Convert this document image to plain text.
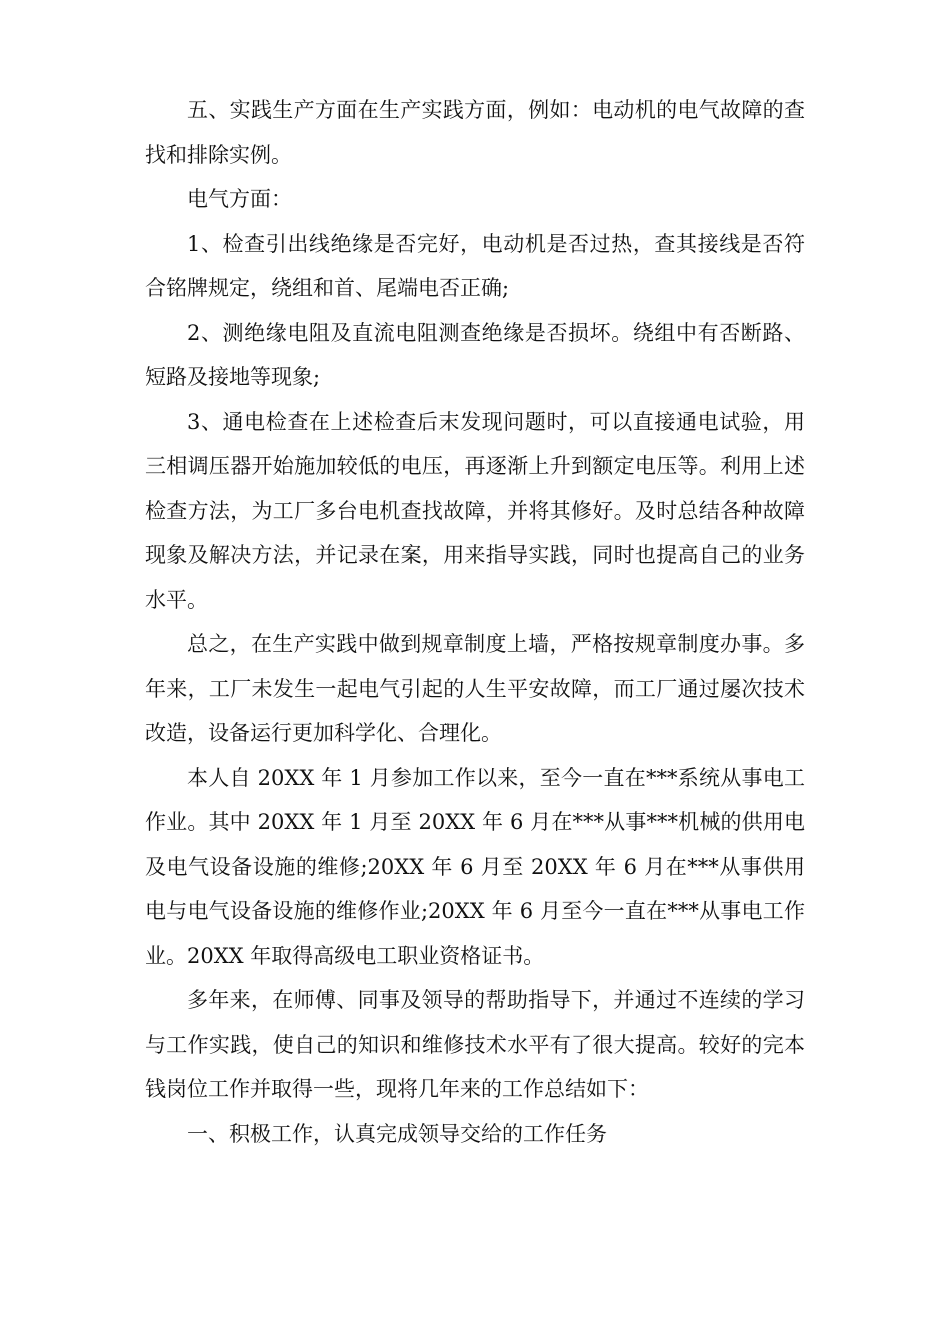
五、实践生产方面在生产实践方面，例如：电动机的电气故障的查找和排除实例。

电气方面：

1、检查引出线绝缘是否完好，电动机是否过热，查其接线是否符合铭牌规定，绕组和首、尾端电否正确;

2、测绝缘电阻及直流电阻测查绝缘是否损坏。绕组中有否断路、短路及接地等现象;

3、通电检查在上述检查后末发现问题时，可以直接通电试验，用三相调压器开始施加较低的电压，再逐渐上升到额定电压等。利用上述检查方法，为工厂多台电机查找故障，并将其修好。及时总结各种故障现象及解决方法，并记录在案，用来指导实践，同时也提高自己的业务水平。

总之，在生产实践中做到规章制度上墙，严格按规章制度办事。多年来，工厂未发生一起电气引起的人生平安故障，而工厂通过屡次技术改造，设备运行更加科学化、合理化。

本人自 20XX 年 1 月参加工作以来，至今一直在***系统从事电工作业。其中 20XX 年 1 月至 20XX 年 6 月在***从事***机械的供用电及电气设备设施的维修;20XX 年 6 月至 20XX 年 6 月在***从事供用电与电气设备设施的维修作业;20XX 年 6 月至今一直在***从事电工作业。20XX 年取得高级电工职业资格证书。

多年来，在师傅、同事及领导的帮助指导下，并通过不连续的学习与工作实践，使自己的知识和维修技术水平有了很大提高。较好的完本钱岗位工作并取得一些，现将几年来的工作总结如下：

一、积极工作，认真完成领导交给的工作任务
